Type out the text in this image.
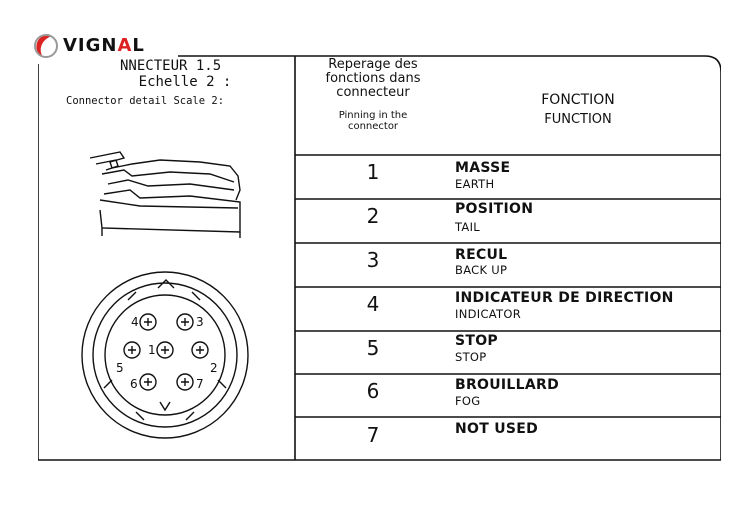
VIGNAL
NNECTEUR 1.5
Echelle 2 :
Connector detail Scale 2:
Reperage des
fonctions dans
connecteur
Pinning in the
connector
FONCTION
FUNCTION
1	MASSE
EARTH
2	POSITION
TAIL
3	RECUL
BACK UP
4	INDICATEUR DE DIRECTION
INDICATOR
5	STOP
STOP
6	BROUILLARD
FOG
7	NOT USED
1
2
3
4
5
6	7
